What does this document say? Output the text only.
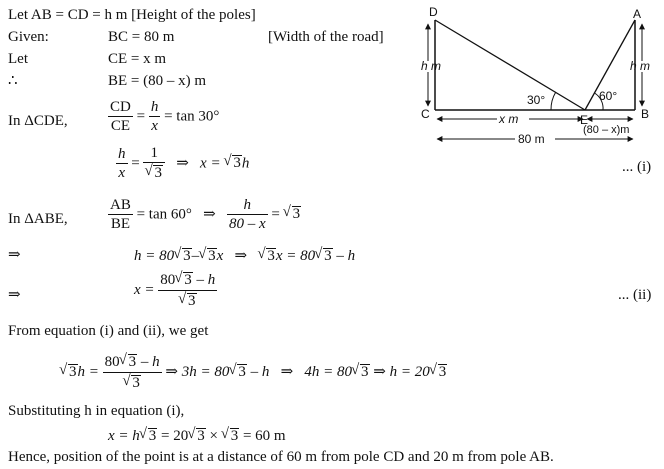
Let AB = CD = h m [Height of the poles]
Given:	BC = 80 m	[Width of the road]
Let	CE = x m
∴	BE = (80 – x) m
In ΔCDE,	$\frac{CD}{CE} = \frac{h}{x} = \tan 30^\circ$
$\frac{h}{x} = 1$
√ 3 ⇒ x = √ 3h	... (i)
In ΔABE,	$\frac{AB}{BE} = \tan 60^\circ$ ⇒ $\frac{h}{80 - x}$ = √ 3
⇒	h = 80 √ 3– √ 3x ⇒ √ 3x = 80 √ 3 – h
⇒	x = 80 √ 3 – h
√ 3	... (ii)
From equation (i) and (ii), we get
√ 3h = 80 √ 3 – h
√ 3 ⇒ 3h = 80 √ 3 – h ⇒ 4h = 80 √ 3 ⇒ h = 20 √ 3
Substituting h in equation (i),
x = h √ 3 = 20 √ 3 × √ 3 = 60 m
Hence, position of the point is at a distance of 60 m from pole CD and 20 m from pole AB.
D	A
C	E	B
h m	h m
30°	60°
x m
(80 – x)m
80 m
